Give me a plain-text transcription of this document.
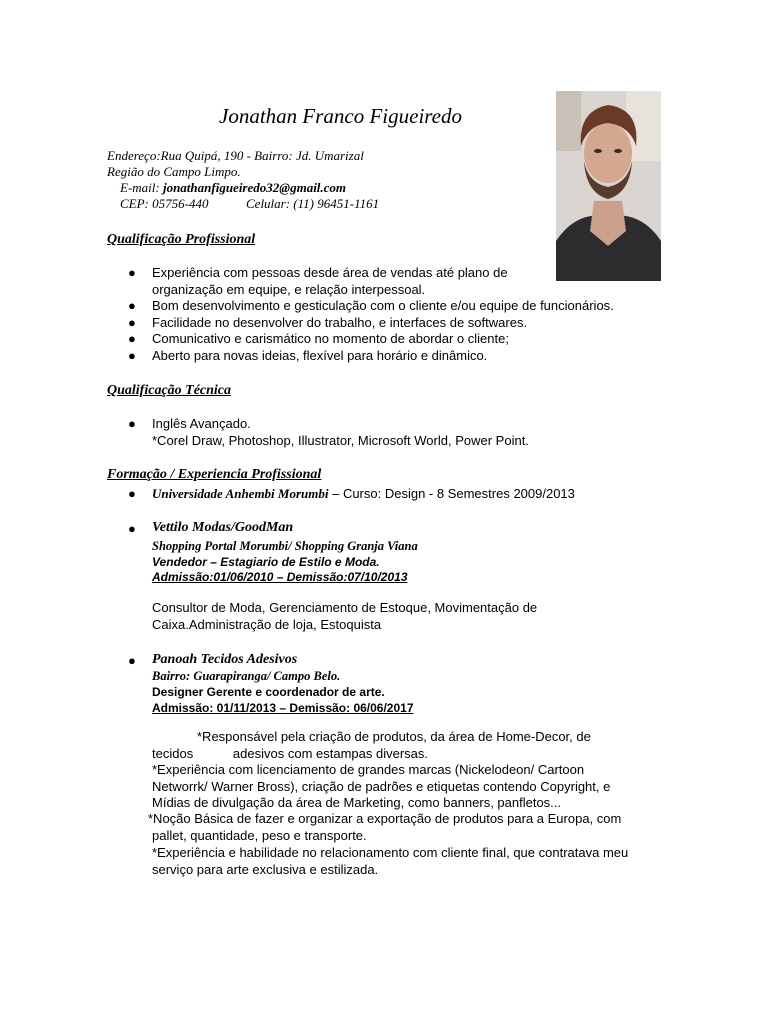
Jonathan Franco Figueiredo
Endereço:Rua Quipá, 190 - Bairro: Jd. Umarizal
Região do Campo Limpo.
E-mail: jonathanfigueiredo32@gmail.com
CEP: 05756-440	Celular: (11) 96451-1161
Qualificação Profissional
● Experiência com pessoas desde área de vendas até plano de
organização em equipe, e relação interpessoal.
● Bom desenvolvimento e gesticulação com o cliente e/ou equipe de funcionários.
● Facilidade no desenvolver do trabalho, e interfaces de softwares.
● Comunicativo e carismático no momento de abordar o cliente;
● Aberto para novas ideias, flexível para horário e dinâmico.
Qualificação Técnica
● Inglês Avançado.
*Corel Draw, Photoshop, Illustrator, Microsoft World, Power Point.
Formação / Experiencia Profissional
● Universidade Anhembi Morumbi – Curso: Design - 8 Semestres 2009/2013
● Vettilo Modas/GoodMan
Shopping Portal Morumbi/ Shopping Granja Viana
Vendedor – Estagiario de Estilo e Moda.
Admissão:01/06/2010 – Demissão:07/10/2013
Consultor de Moda, Gerenciamento de Estoque, Movimentação de
Caixa.Administração de loja, Estoquista
● Panoah Tecidos Adesivos
Bairro: Guarapiranga/ Campo Belo.
Designer Gerente e coordenador de arte.
Admissão: 01/11/2013 – Demissão: 06/06/2017
*Responsável pela criação de produtos, da área de Home-Decor, de
tecidos           adesivos com estampas diversas.
*Experiência com licenciamento de grandes marcas (Nickelodeon/ Cartoon
Networrk/ Warner Bross), criação de padrões e etiquetas contendo Copyright, e
Mídias de divulgação da área de Marketing, como banners, panfletos...
*Noção Básica de fazer e organizar a exportação de produtos para a Europa, com
pallet, quantidade, peso e transporte.
*Experiência e habilidade no relacionamento com cliente final, que contratava meu
serviço para arte exclusiva e estilizada.
